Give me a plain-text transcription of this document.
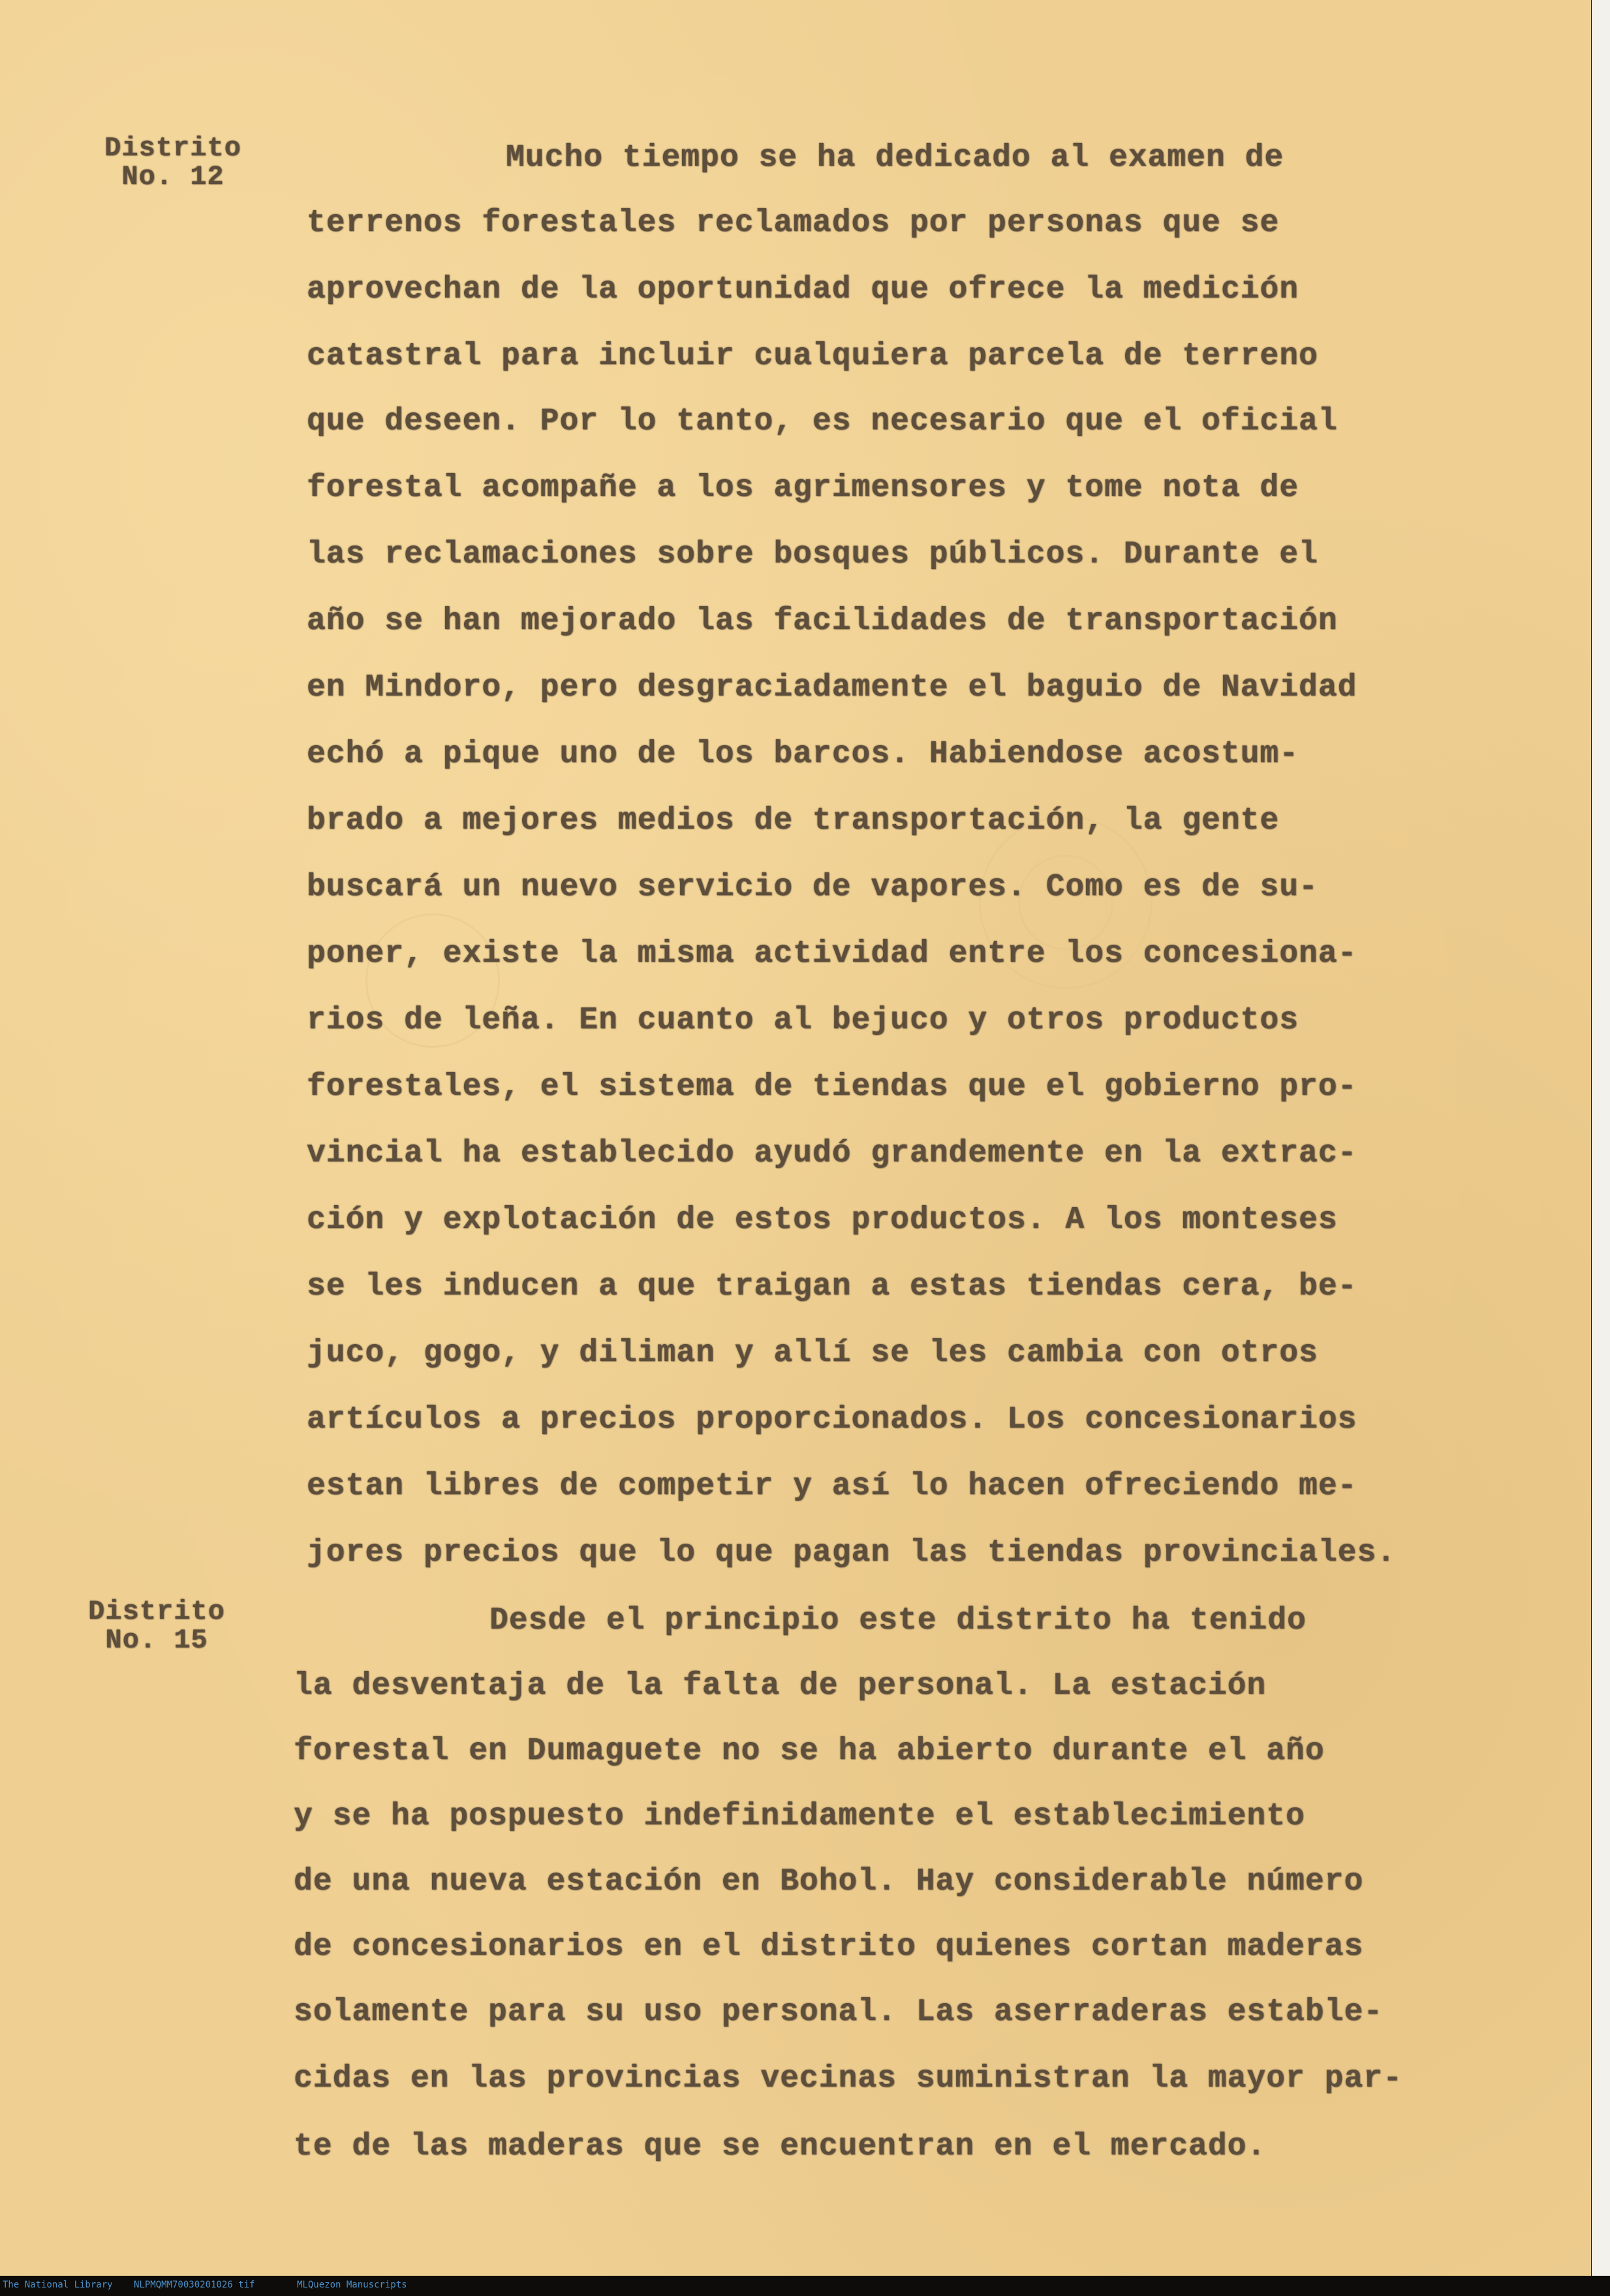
Distrito
No. 12
Mucho tiempo se ha dedicado al examen de
terrenos forestales reclamados por personas que se
aprovechan de la oportunidad que ofrece la medición
catastral para incluir cualquiera parcela de terreno
que deseen. Por lo tanto, es necesario que el oficial
forestal acompañe a los agrimensores y tome nota de
las reclamaciones sobre bosques públicos. Durante el
año se han mejorado las facilidades de transportación
en Mindoro, pero desgraciadamente el baguio de Navidad
echó a pique uno de los barcos. Habiendose acostum-
brado a mejores medios de transportación, la gente
buscará un nuevo servicio de vapores. Como es de su-
poner, existe la misma actividad entre los concesiona-
rios de leña. En cuanto al bejuco y otros productos
forestales, el sistema de tiendas que el gobierno pro-
vincial ha establecido ayudó grandemente en la extrac-
ción y explotación de estos productos. A los monteses
se les inducen a que traigan a estas tiendas cera, be-
juco, gogo, y diliman y allí se les cambia con otros
artículos a precios proporcionados. Los concesionarios
estan libres de competir y así lo hacen ofreciendo me-
jores precios que lo que pagan las tiendas provinciales.
Distrito
No. 15
Desde el principio este distrito ha tenido
la desventaja de la falta de personal. La estación
forestal en Dumaguete no se ha abierto durante el año
y se ha pospuesto indefinidamente el establecimiento
de una nueva estación en Bohol. Hay considerable número
de concesionarios en el distrito quienes cortan maderas
solamente para su uso personal. Las aserraderas estable-
cidas en las provincias vecinas suministran la mayor par-
te de las maderas que se encuentran en el mercado.
The National Library NLPMQMM70030201026 tif	MLQuezon Manuscripts
